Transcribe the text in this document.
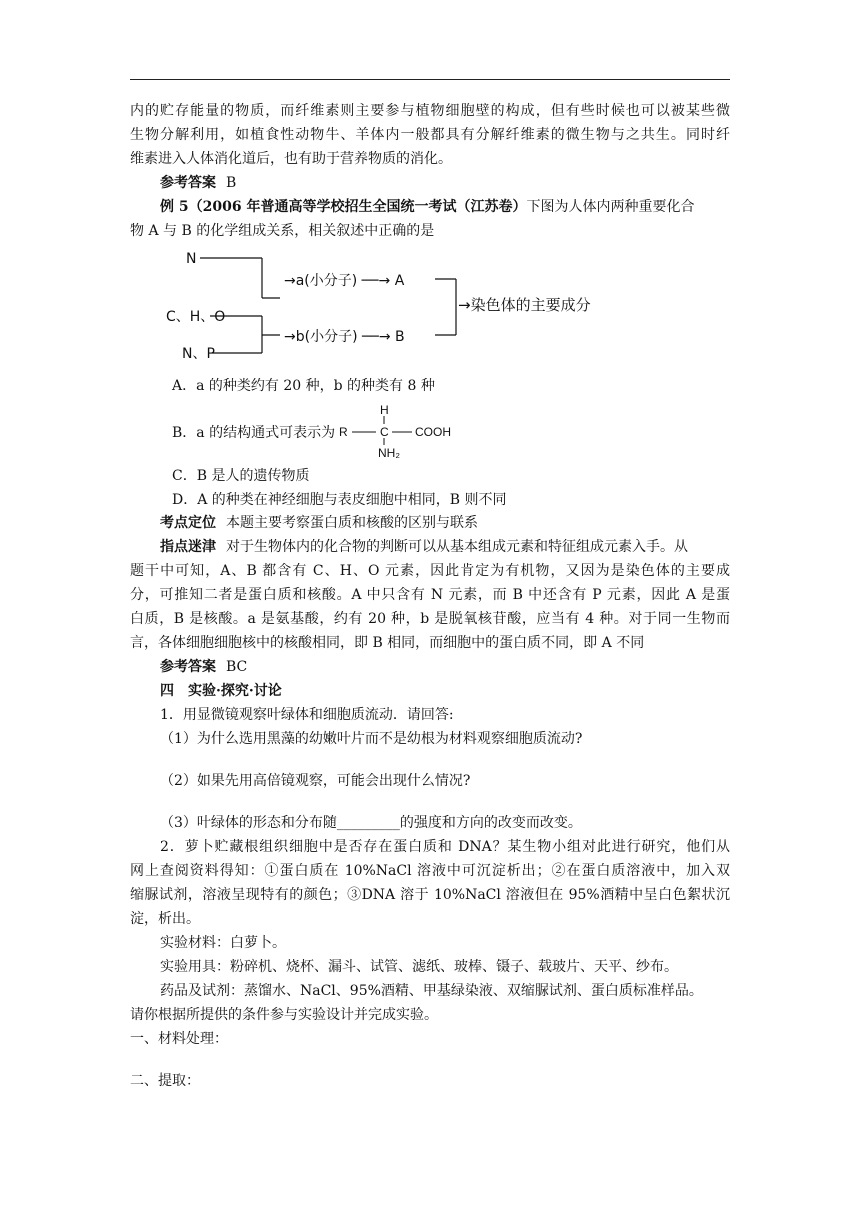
内的贮存能量的物质，而纤维素则主要参与植物细胞壁的构成，但有些时候也可以被某些微
生物分解利用，如植食性动物牛、羊体内一般都具有分解纤维素的微生物与之共生。同时纤
维素进入人体消化道后，也有助于营养物质的消化。
参考答案 B
例 5（2006 年普通高等学校招生全国统一考试（江苏卷）下图为人体内两种重要化合
物 A 与 B 的化学组成关系，相关叙述中正确的是
N
C、H、O
N、P
→a(小分子) ──→ A
→b(小分子) ──→ B
→染色体的主要成分
A．a 的种类约有 20 种，b 的种类有 8 种
B．a 的结构通式可表示为
H
R	C COOH
NH₂
C．B 是人的遗传物质
D．A 的种类在神经细胞与表皮细胞中相同，B 则不同
考点定位 本题主要考察蛋白质和核酸的区别与联系
指点迷津 对于生物体内的化合物的判断可以从基本组成元素和特征组成元素入手。从
题干中可知，A、B 都含有 C、H、O 元素，因此肯定为有机物，又因为是染色体的主要成
分，可推知二者是蛋白质和核酸。A 中只含有 N 元素，而 B 中还含有 P 元素，因此 A 是蛋
白质，B 是核酸。a 是氨基酸，约有 20 种，b 是脱氧核苷酸，应当有 4 种。对于同一生物而
言，各体细胞细胞核中的核酸相同，即 B 相同，而细胞中的蛋白质不同，即 A 不同
参考答案 BC
四　实验·探究·讨论
1．用显微镜观察叶绿体和细胞质流动．请回答:
（1）为什么选用黑藻的幼嫩叶片而不是幼根为材料观察细胞质流动?
（2）如果先用高倍镜观察，可能会出现什么情况?
（3）叶绿体的形态和分布随_________的强度和方向的改变而改变。
2．萝卜贮藏根组织细胞中是否存在蛋白质和 DNA？某生物小组对此进行研究，他们从
网上查阅资料得知：①蛋白质在 10%NaCl 溶液中可沉淀析出；②在蛋白质溶液中，加入双
缩脲试剂，溶液呈现特有的颜色；③DNA 溶于 10%NaCl 溶液但在 95%酒精中呈白色絮状沉
淀，析出。
实验材料：白萝卜。
实验用具：粉碎机、烧杯、漏斗、试管、滤纸、玻棒、镊子、载玻片、天平、纱布。
药品及试剂：蒸馏水、NaCl、95%酒精、甲基绿染液、双缩脲试剂、蛋白质标准样品。
请你根据所提供的条件参与实验设计并完成实验。
一、材料处理：
二、提取：
